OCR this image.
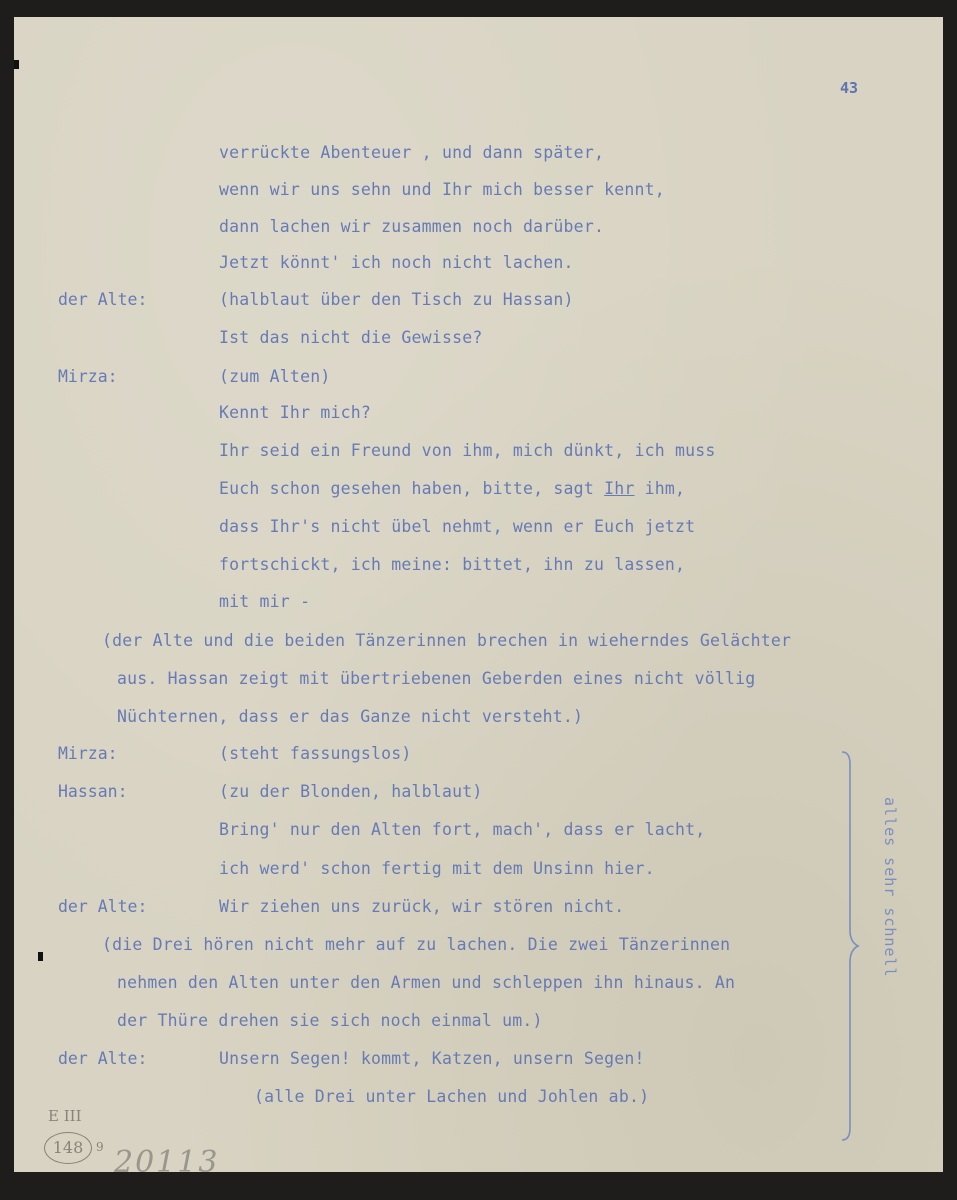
43
verrückte Abenteuer , und dann später,
wenn wir uns sehn und Ihr mich besser kennt,
dann lachen wir zusammen noch darüber.
Jetzt könnt' ich noch nicht lachen.
der Alte:	(halblaut über den Tisch zu Hassan)
Ist das nicht die Gewisse?
Mirza:	(zum Alten)
Kennt Ihr mich?
Ihr seid ein Freund von ihm, mich dünkt, ich muss
Euch schon gesehen haben, bitte, sagt Ihr ihm,
dass Ihr's nicht übel nehmt, wenn er Euch jetzt
fortschickt, ich meine: bittet, ihn zu lassen,
mit mir -
(der Alte und die beiden Tänzerinnen brechen in wieherndes Gelächter
aus. Hassan zeigt mit übertriebenen Geberden eines nicht völlig
Nüchternen, dass er das Ganze nicht versteht.)
Mirza:	(steht fassungslos)
Hassan:	(zu der Blonden, halblaut)
Bring' nur den Alten fort, mach', dass er lacht,
ich werd' schon fertig mit dem Unsinn hier.
der Alte:	Wir ziehen uns zurück, wir stören nicht.
(die Drei hören nicht mehr auf zu lachen. Die zwei Tänzerinnen
nehmen den Alten unter den Armen und schleppen ihn hinaus. An
der Thüre drehen sie sich noch einmal um.)
der Alte:	Unsern Segen! kommt, Katzen, unsern Segen!
(alle Drei unter Lachen und Johlen ab.)
alles sehr schnell
E III
148	9 20113
